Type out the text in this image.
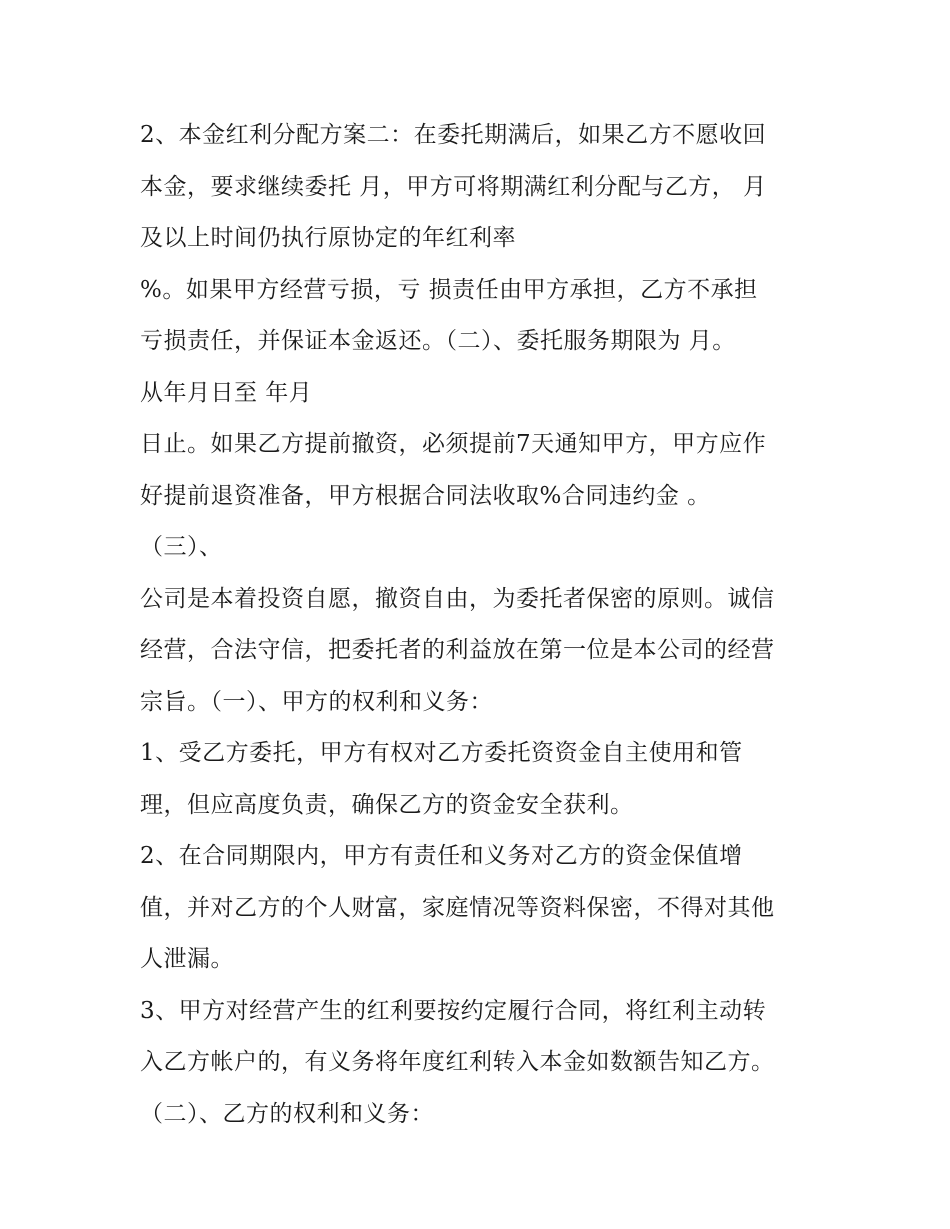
2、本金红利分配方案二：在委托期满后，如果乙方不愿收回
本金，要求继续委托 月，甲方可将期满红利分配与乙方， 月
及以上时间仍执行原协定的年红利率
%。如果甲方经营亏损，亏 损责任由甲方承担，乙方不承担
亏损责任，并保证本金返还。（二）、委托服务期限为 月。
从年月日至 年月
日止。如果乙方提前撤资，必须提前7天通知甲方，甲方应作
好提前退资准备，甲方根据合同法收取%合同违约金 。
（三）、
公司是本着投资自愿，撤资自由，为委托者保密的原则。诚信
经营，合法守信，把委托者的利益放在第一位是本公司的经营
宗旨。（一）、甲方的权利和义务：
1、受乙方委托，甲方有权对乙方委托资资金自主使用和管
理，但应高度负责，确保乙方的资金安全获利。
2、在合同期限内，甲方有责任和义务对乙方的资金保值增
值，并对乙方的个人财富，家庭情况等资料保密，不得对其他
人泄漏。
3、甲方对经营产生的红利要按约定履行合同，将红利主动转
入乙方帐户的，有义务将年度红利转入本金如数额告知乙方。
（二）、乙方的权利和义务：
